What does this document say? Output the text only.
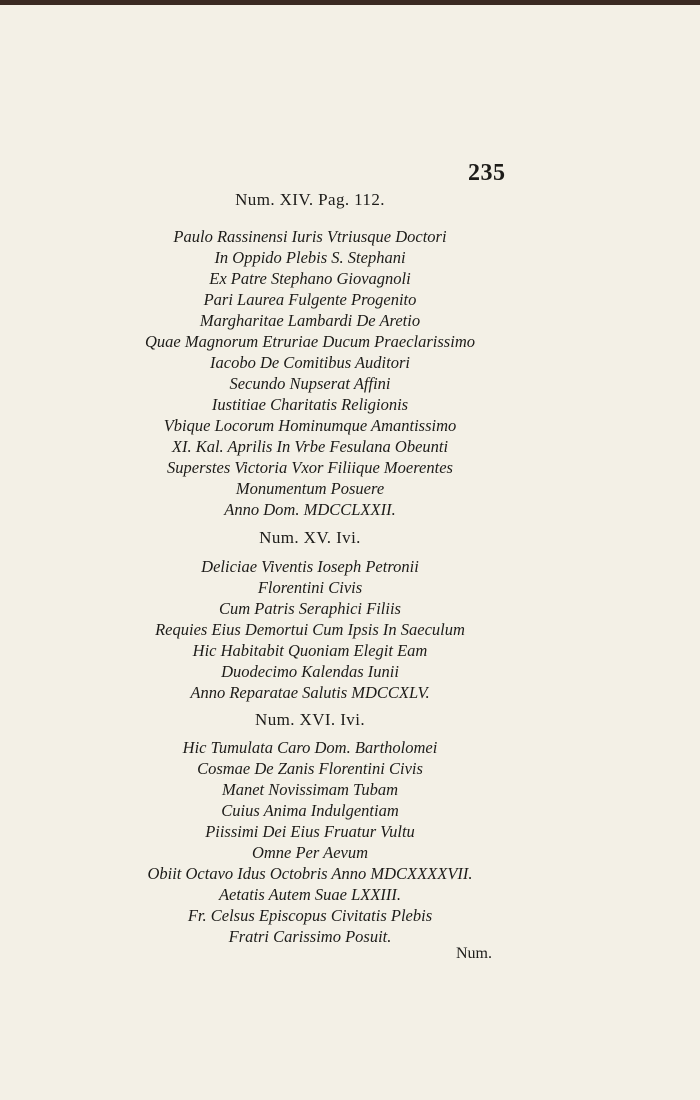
235
Num. XIV. Pag. 112.
Paulo Rassinensi Iuris Vtriusque Doctori
In Oppido Plebis S. Stephani
Ex Patre Stephano Giovagnoli
Pari Laurea Fulgente Progenito
Margharitae Lambardi De Aretio
Quae Magnorum Etruriae Ducum Praeclarissimo
Iacobo De Comitibus Auditori
Secundo Nupserat Affini
Iustitiae Charitatis Religionis
Vbique Locorum Hominumque Amantissimo
XI. Kal. Aprilis In Vrbe Fesulana Obeunti
Superstes Victoria Vxor Filiique Moerentes
Monumentum Posuere
Anno Dom. MDCCLXXII.
Num. XV. Ivi.
Deliciae Viventis Ioseph Petronii
Florentini Civis
Cum Patris Seraphici Filiis
Requies Eius Demortui Cum Ipsis In Saeculum
Hic Habitabit Quoniam Elegit Eam
Duodecimo Kalendas Iunii
Anno Reparatae Salutis MDCCXLV.
Num. XVI. Ivi.
Hic Tumulata Caro Dom. Bartholomei
Cosmae De Zanis Florentini Civis
Manet Novissimam Tubam
Cuius Anima Indulgentiam
Piissimi Dei Eius Fruatur Vultu
Omne Per Aevum
Obiit Octavo Idus Octobris Anno MDCXXXXVII.
Aetatis Autem Suae LXXIII.
Fr. Celsus Episcopus Civitatis Plebis
Fratri Carissimo Posuit.
Num.
